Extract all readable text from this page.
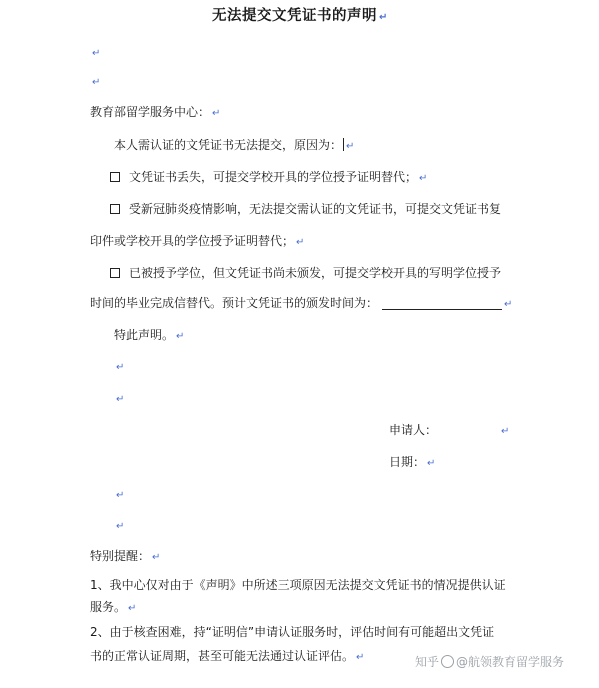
无法提交文凭证书的声明 ↵
↵
↵
教育部留学服务中心： ↵
本人需认证的文凭证书无法提交，原因为： ↵
文凭证书丢失，可提交学校开具的学位授予证明替代； ↵
受新冠肺炎疫情影响，无法提交需认证的文凭证书，可提交文凭证书复
印件或学校开具的学位授予证明替代； ↵
已被授予学位，但文凭证书尚未颁发，可提交学校开具的写明学位授予
时间的毕业完成信替代。预计文凭证书的颁发时间为：	↵
特此声明。 ↵
↵
↵
申请人：	↵
日期： ↵
↵
↵
特别提醒： ↵
1、我中心仅对由于《声明》中所述三项原因无法提交文凭证书的情况提供认证
服务。 ↵
2、由于核查困难，持“证明信”申请认证服务时，评估时间有可能超出文凭证
书的正常认证周期，甚至可能无法通过认证评估。 ↵	知乎 @航领教育留学服务
